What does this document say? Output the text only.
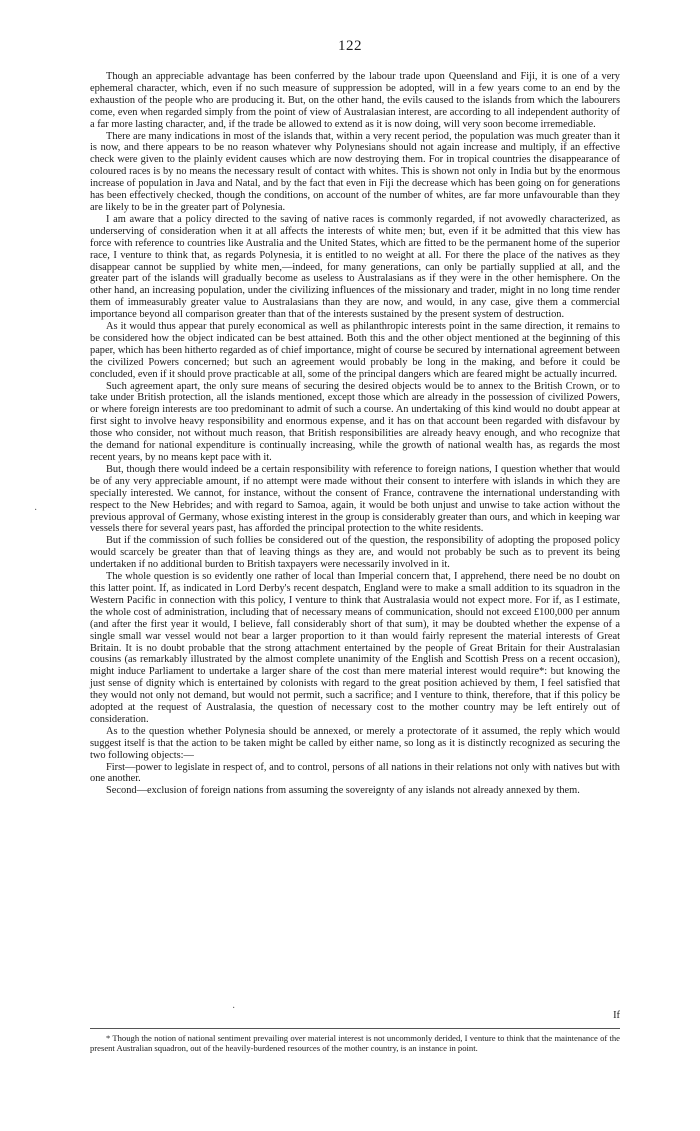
122

Though an appreciable advantage has been conferred by the labour trade upon Queensland and Fiji, it is one of a very ephemeral character, which, even if no such measure of suppression be adopted, will in a few years come to an end by the exhaustion of the people who are producing it. But, on the other hand, the evils caused to the islands from which the labourers come, even when regarded simply from the point of view of Australasian interest, are according to all independent authority of a far more lasting character, and, if the trade be allowed to extend as it is now doing, will very soon become irremediable.

There are many indications in most of the islands that, within a very recent period, the population was much greater than it is now, and there appears to be no reason whatever why Polynesians should not again increase and multiply, if an effective check were given to the plainly evident causes which are now destroying them. For in tropical countries the disappearance of coloured races is by no means the necessary result of contact with whites. This is shown not only in India but by the enormous increase of population in Java and Natal, and by the fact that even in Fiji the decrease which has been going on for generations has been effectively checked, though the conditions, on account of the number of whites, are far more unfavourable than they are likely to be in the greater part of Polynesia.

I am aware that a policy directed to the saving of native races is commonly regarded, if not avowedly characterized, as underserving of consideration when it at all affects the interests of white men; but, even if it be admitted that this view has force with reference to countries like Australia and the United States, which are fitted to be the permanent home of the superior race, I venture to think that, as regards Polynesia, it is entitled to no weight at all. For there the place of the natives as they disappear cannot be supplied by white men,—indeed, for many generations, can only be partially supplied at all, and the greater part of the islands will gradually become as useless to Australasians as if they were in the other hemisphere. On the other hand, an increasing population, under the civilizing influences of the missionary and trader, might in no long time render them of immeasurably greater value to Australasians than they are now, and would, in any case, give them a commercial importance beyond all comparison greater than that of the interests sustained by the present system of destruction.

As it would thus appear that purely economical as well as philanthropic interests point in the same direction, it remains to be considered how the object indicated can be best attained. Both this and the other object mentioned at the beginning of this paper, which has been hitherto regarded as of chief importance, might of course be secured by international agreement between the civilized Powers concerned; but such an agreement would probably be long in the making, and before it could be concluded, even if it should prove practicable at all, some of the principal dangers which are feared might be actually incurred.

Such agreement apart, the only sure means of securing the desired objects would be to annex to the British Crown, or to take under British protection, all the islands mentioned, except those which are already in the possession of civilized Powers, or where foreign interests are too predominant to admit of such a course. An undertaking of this kind would no doubt appear at first sight to involve heavy responsibility and enormous expense, and it has on that account been regarded with disfavour by those who consider, not without much reason, that British responsibilities are already heavy enough, and who recognize that the demand for national expenditure is continually increasing, while the growth of national wealth has, as regards the most recent years, by no means kept pace with it.

But, though there would indeed be a certain responsibility with reference to foreign nations, I question whether that would be of any very appreciable amount, if no attempt were made without their consent to interfere with islands in which they are specially interested. We cannot, for instance, without the consent of France, contravene the international understanding with respect to the New Hebrides; and with regard to Samoa, again, it would be both unjust and unwise to take action without the previous approval of Germany, whose existing interest in the group is considerably greater than ours, and which in keeping war vessels there for several years past, has afforded the principal protection to the white residents.

But if the commission of such follies be considered out of the question, the responsibility of adopting the proposed policy would scarcely be greater than that of leaving things as they are, and would not probably be such as to prevent its being undertaken if no additional burden to British taxpayers were necessarily involved in it.

The whole question is so evidently one rather of local than Imperial concern that, I apprehend, there need be no doubt on this latter point. If, as indicated in Lord Derby's recent despatch, England were to make a small addition to its squadron in the Western Pacific in connection with this policy, I venture to think that Australasia would not expect more. For if, as I estimate, the whole cost of administration, including that of necessary means of communication, should not exceed £100,000 per annum (and after the first year it would, I believe, fall considerably short of that sum), it may be doubted whether the expense of a single small war vessel would not bear a larger proportion to it than would fairly represent the material interests of Great Britain. It is no doubt probable that the strong attachment entertained by the people of Great Britain for their Australasian cousins (as remarkably illustrated by the almost complete unanimity of the English and Scottish Press on a recent occasion), might induce Parliament to undertake a larger share of the cost than mere material interest would require*: but knowing the just sense of dignity which is entertained by colonists with regard to the great position achieved by them, I feel satisfied that they would not only not demand, but would not permit, such a sacrifice; and I venture to think, therefore, that if this policy be adopted at the request of Australasia, the question of necessary cost to the mother country may be left entirely out of consideration.

As to the question whether Polynesia should be annexed, or merely a protectorate of it assumed, the reply which would suggest itself is that the action to be taken might be called by either name, so long as it is distinctly recognized as securing the two following objects:—

First—power to legislate in respect of, and to control, persons of all nations in their relations not only with natives but with one another.

Second—exclusion of foreign nations from assuming the sovereignty of any islands not already annexed by them.

If

* Though the notion of national sentiment prevailing over material interest is not uncommonly derided, I venture to think that the maintenance of the present Australian squadron, out of the heavily-burdened resources of the mother country, is an instance in point.

·
·
